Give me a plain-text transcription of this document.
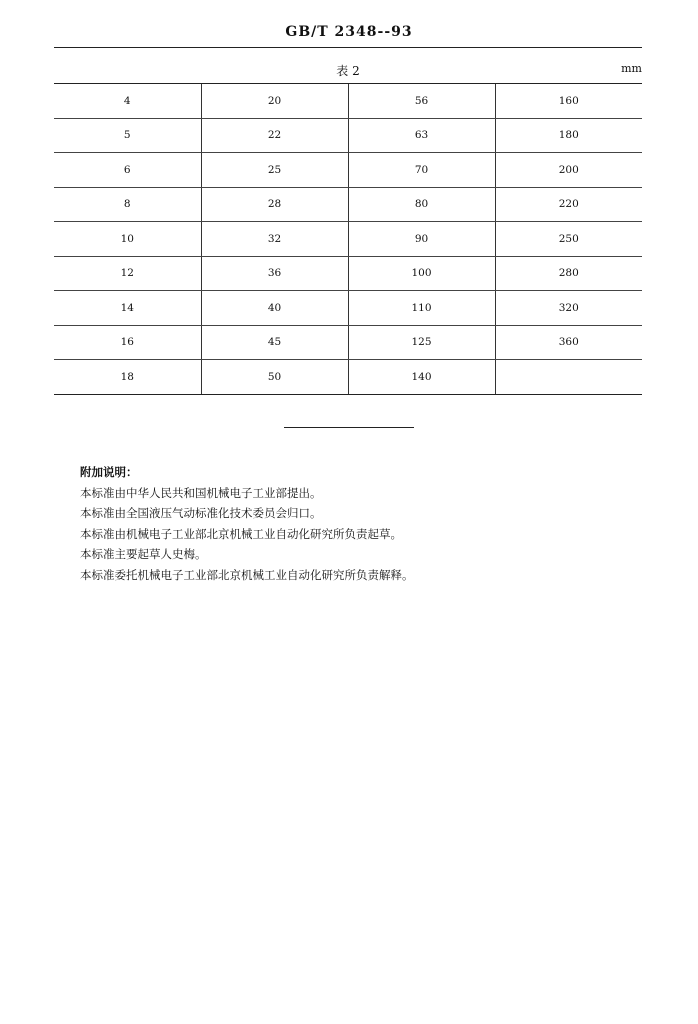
GB/T 2348--93
表 2	mm
4	20	56	160
5	22	63	180
6	25	70	200
8	28	80	220
10	32	90	250
12	36	100	280
14	40	110	320
16	45	125	360
18	50	140	
附加说明：
本标准由中华人民共和国机械电子工业部提出。
本标准由全国液压气动标准化技术委员会归口。
本标准由机械电子工业部北京机械工业自动化研究所负责起草。
本标准主要起草人史梅。
本标准委托机械电子工业部北京机械工业自动化研究所负责解释。
